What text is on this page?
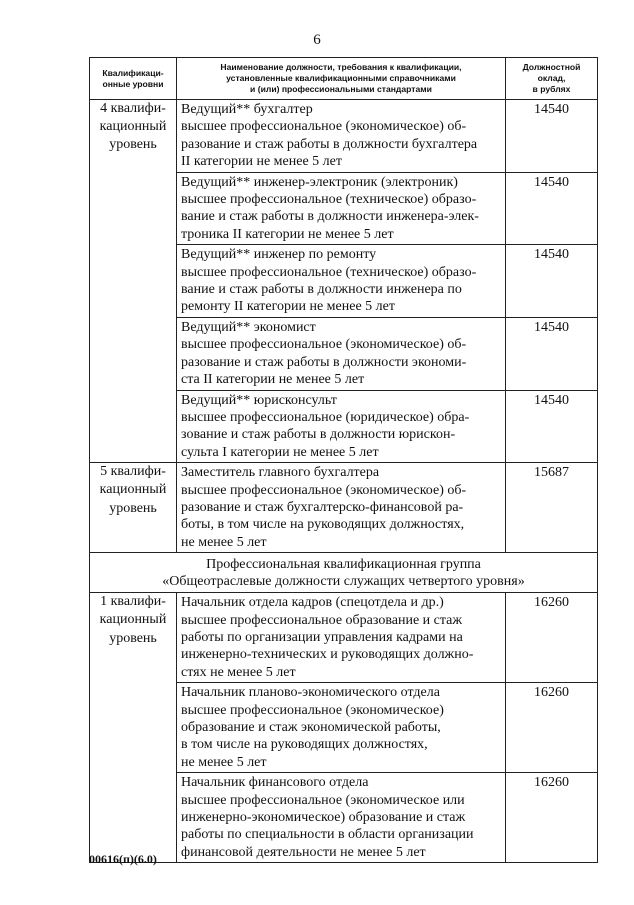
6
Квалификаци-
онные уровни	Наименование должности, требования к квалификации,
установленные квалификационными справочниками
и (или) профессиональными стандартами	Должностной
оклад,
в рублях

4 квалифи-
кационный
уровень	Ведущий** бухгалтер
высшее профессиональное (экономическое) об-
разование и стаж работы в должности бухгалтера
II категории не менее 5 лет	14540

	Ведущий** инженер-электроник (электроник)
высшее профессиональное (техническое) образо-
вание и стаж работы в должности инженера-элек-
троника II категории не менее 5 лет	14540

	Ведущий** инженер по ремонту
высшее профессиональное (техническое) образо-
вание и стаж работы в должности инженера по
ремонту II категории не менее 5 лет	14540

	Ведущий** экономист
высшее профессиональное (экономическое) об-
разование и стаж работы в должности экономи-
ста II категории не менее 5 лет	14540

	Ведущий** юрисконсульт
высшее профессиональное (юридическое) обра-
зование и стаж работы в должности юрискон-
сульта I категории не менее 5 лет	14540

5 квалифи-
кационный
уровень	Заместитель главного бухгалтера
высшее профессиональное (экономическое) об-
разование и стаж бухгалтерско-финансовой ра-
боты, в том числе на руководящих должностях,
не менее 5 лет	15687

Профессиональная квалификационная группа
«Общеотраслевые должности служащих четвертого уровня»		

1 квалифи-
кационный
уровень	Начальник отдела кадров (спецотдела и др.)
высшее профессиональное образование и стаж
работы по организации управления кадрами на
инженерно-технических и руководящих должно-
стях не менее 5 лет	16260

	Начальник планово-экономического отдела
высшее профессиональное (экономическое)
образование и стаж экономической работы,
в том числе на руководящих должностях,
не менее 5 лет	16260

	Начальник финансового отдела
высшее профессиональное (экономическое или
инженерно-экономическое) образование и стаж
работы по специальности в области организации
финансовой деятельности не менее 5 лет	16260
00616(п)(6.0)
